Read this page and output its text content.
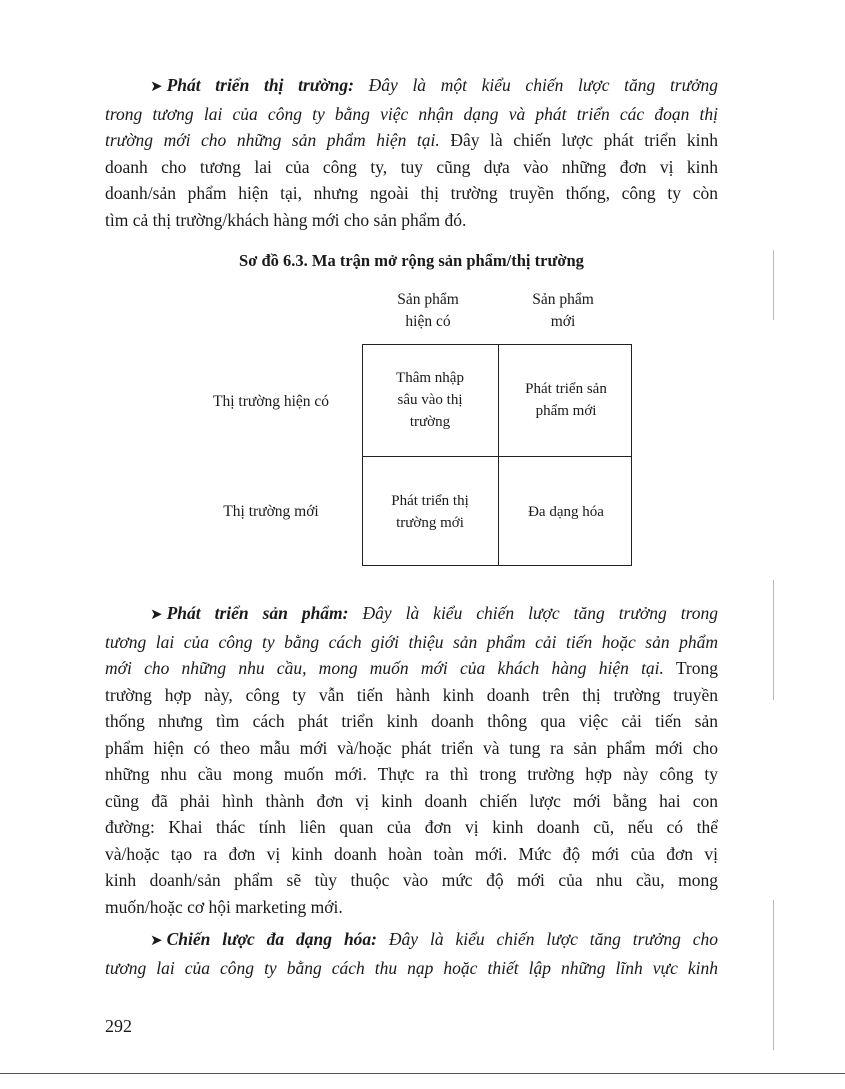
➤ Phát triển thị trường: Đây là một kiểu chiến lược tăng trưởng
trong tương lai của công ty bằng việc nhận dạng và phát triển các đoạn thị
trường mới cho những sản phẩm hiện tại. Đây là chiến lược phát triển kinh
doanh cho tương lai của công ty, tuy cũng dựa vào những đơn vị kinh
doanh/sản phẩm hiện tại, nhưng ngoài thị trường truyền thống, công ty còn
tìm cả thị trường/khách hàng mới cho sản phẩm đó.

Sơ đồ 6.3. Ma trận mở rộng sản phẩm/thị trường
Sản phẩm
hiện có
Sản phẩm
mới
Thị trường hiện có
Thị trường mới
Thâm nhập
sâu vào thị
trường
Phát triển sản
phẩm mới
Phát triển thị
trường mới
Đa dạng hóa

➤ Phát triển sản phẩm: Đây là kiểu chiến lược tăng trưởng trong
tương lai của công ty bằng cách giới thiệu sản phẩm cải tiến hoặc sản phẩm
mới cho những nhu cầu, mong muốn mới của khách hàng hiện tại. Trong
trường hợp này, công ty vẫn tiến hành kinh doanh trên thị trường truyền
thống nhưng tìm cách phát triển kinh doanh thông qua việc cải tiến sản
phẩm hiện có theo mẫu mới và/hoặc phát triển và tung ra sản phẩm mới cho
những nhu cầu mong muốn mới. Thực ra thì trong trường hợp này công ty
cũng đã phải hình thành đơn vị kinh doanh chiến lược mới bằng hai con
đường: Khai thác tính liên quan của đơn vị kinh doanh cũ, nếu có thể
và/hoặc tạo ra đơn vị kinh doanh hoàn toàn mới. Mức độ mới của đơn vị
kinh doanh/sản phẩm sẽ tùy thuộc vào mức độ mới của nhu cầu, mong
muốn/hoặc cơ hội marketing mới.

➤ Chiến lược đa dạng hóa: Đây là kiểu chiến lược tăng trưởng cho
tương lai của công ty bằng cách thu nạp hoặc thiết lập những lĩnh vực kinh

292
